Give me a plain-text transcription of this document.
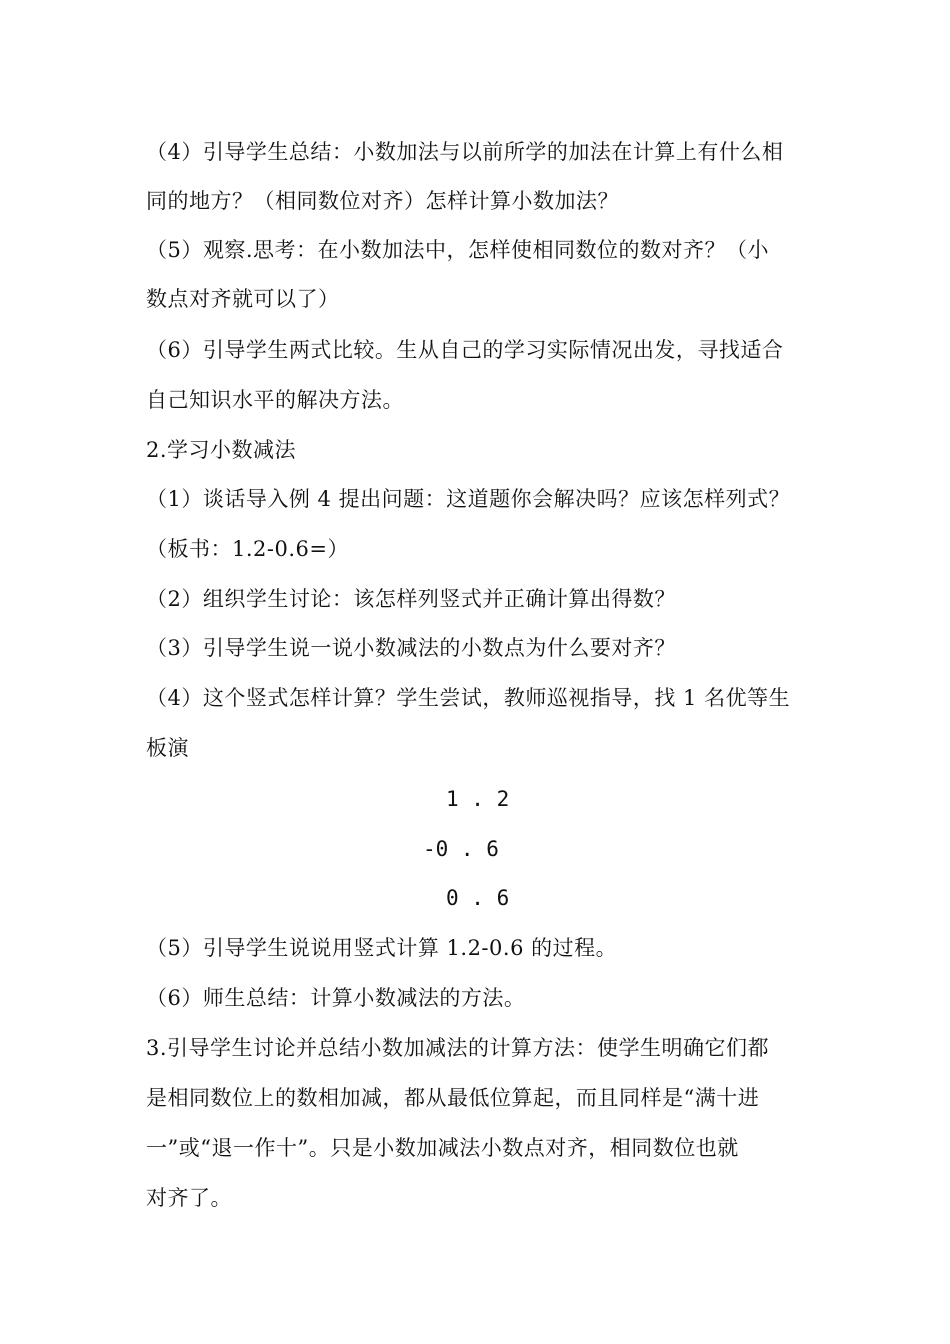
（4）引导学生总结：小数加法与以前所学的加法在计算上有什么相
同的地方？（相同数位对齐）怎样计算小数加法？
（5）观察.思考：在小数加法中，怎样使相同数位的数对齐？（小
数点对齐就可以了）
（6）引导学生两式比较。生从自己的学习实际情况出发，寻找适合
自己知识水平的解决方法。
2.学习小数减法
（1）谈话导入例 4 提出问题：这道题你会解决吗？应该怎样列式？
（板书：1.2-0.6=）
（2）组织学生讨论：该怎样列竖式并正确计算出得数？
（3）引导学生说一说小数减法的小数点为什么要对齐？
（4）这个竖式怎样计算？学生尝试，教师巡视指导，找 1 名优等生
板演
1 . 2
-0 . 6
0 . 6
（5）引导学生说说用竖式计算 1.2-0.6 的过程。
（6）师生总结：计算小数减法的方法。
3.引导学生讨论并总结小数加减法的计算方法：使学生明确它们都
是相同数位上的数相加减，都从最低位算起，而且同样是“满十进
一”或“退一作十”。只是小数加减法小数点对齐，相同数位也就
对齐了。
